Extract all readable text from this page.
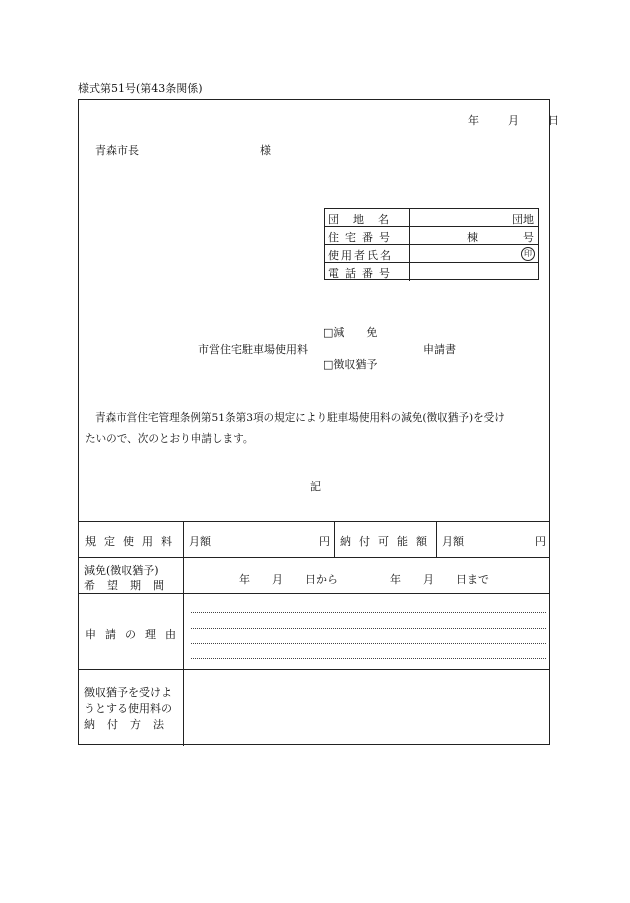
様式第51号(第43条関係)
年	月	日
青森市長	様
団地名	団地
住宅番号	棟	号
使用者氏名	印
電話番号
市営住宅駐車場使用料
□減　　免
□徴収猶予
申請書
青森市営住宅管理条例第51条第3項の規定により駐車場使用料の減免(徴収猶予)を受け
たいので、次のとおり申請します。
記
規定使用料 月額	円 納付可能額 月額	円
減免(徴収猶予)
希望期間	年　　月　　日から	年　　月　　日まで
申請の理由
徴収猶予を受けよ
うとする使用料の
納付方法
